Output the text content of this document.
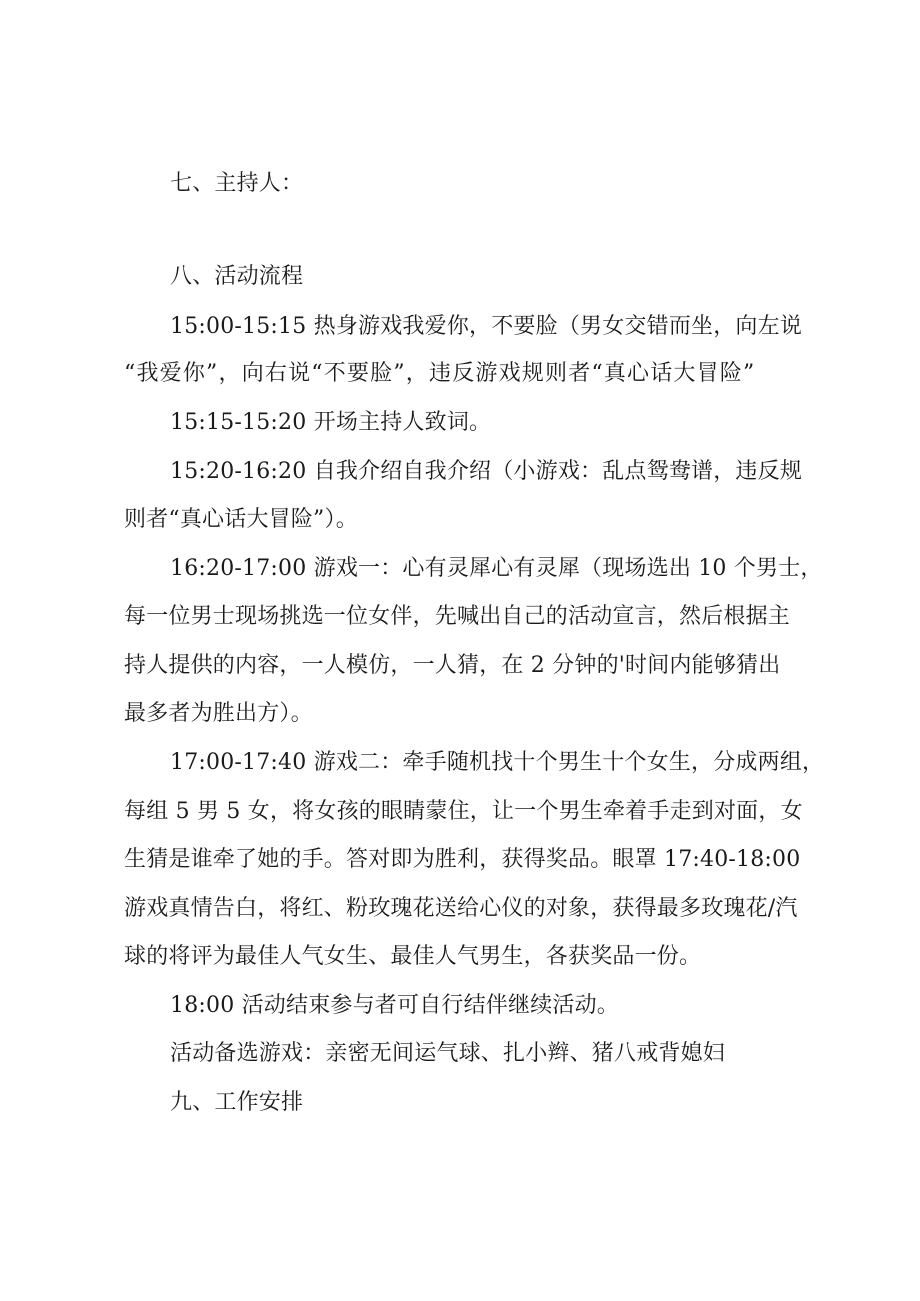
七、主持人：
八、活动流程
15:00-15:15 热身游戏我爱你，不要脸（男女交错而坐，向左说
“我爱你”，向右说“不要脸”，违反游戏规则者“真心话大冒险”
15:15-15:20 开场主持人致词。
15:20-16:20 自我介绍自我介绍（小游戏：乱点鸳鸯谱，违反规
则者“真心话大冒险”）。
16:20-17:00 游戏一：心有灵犀心有灵犀（现场选出 10 个男士，
每一位男士现场挑选一位女伴，先喊出自己的活动宣言，然后根据主
持人提供的内容，一人模仿，一人猜，在 2 分钟的'时间内能够猜出
最多者为胜出方）。
17:00-17:40 游戏二：牵手随机找十个男生十个女生，分成两组，
每组 5 男 5 女，将女孩的眼睛蒙住，让一个男生牵着手走到对面，女
生猜是谁牵了她的手。答对即为胜利，获得奖品。眼罩 17:40-18:00
游戏真情告白，将红、粉玫瑰花送给心仪的对象，获得最多玫瑰花/汽
球的将评为最佳人气女生、最佳人气男生，各获奖品一份。
18:00 活动结束参与者可自行结伴继续活动。
活动备选游戏：亲密无间运气球、扎小辫、猪八戒背媳妇
九、工作安排
